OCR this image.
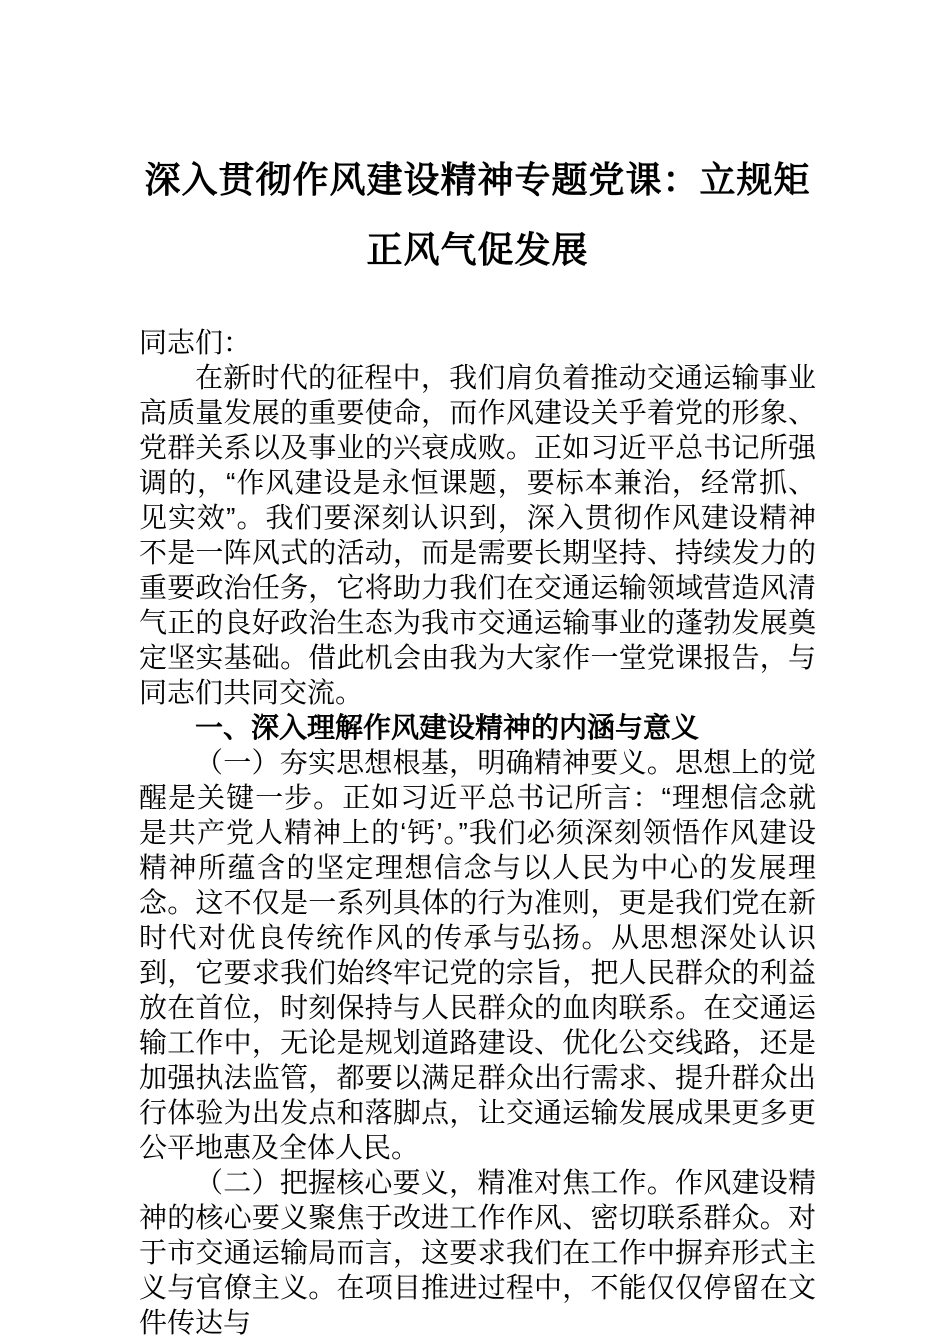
深入贯彻作风建设精神专题党课：立规矩正风气促发展

同志们：

在新时代的征程中，我们肩负着推动交通运输事业高质量发展的重要使命，而作风建设关乎着党的形象、党群关系以及事业的兴衰成败。正如习近平总书记所强调的，“作风建设是永恒课题，要标本兼治，经常抓、见实效”。我们要深刻认识到，深入贯彻作风建设精神不是一阵风式的活动，而是需要长期坚持、持续发力的重要政治任务，它将助力我们在交通运输领域营造风清气正的良好政治生态为我市交通运输事业的蓬勃发展奠定坚实基础。借此机会由我为大家作一堂党课报告，与同志们共同交流。

一、深入理解作风建设精神的内涵与意义

（一）夯实思想根基，明确精神要义。思想上的觉醒是关键一步。正如习近平总书记所言：“理想信念就是共产党人精神上的‘钙’。”我们必须深刻领悟作风建设精神所蕴含的坚定理想信念与以人民为中心的发展理念。这不仅是一系列具体的行为准则，更是我们党在新时代对优良传统作风的传承与弘扬。从思想深处认识到，它要求我们始终牢记党的宗旨，把人民群众的利益放在首位，时刻保持与人民群众的血肉联系。在交通运输工作中，无论是规划道路建设、优化公交线路，还是加强执法监管，都要以满足群众出行需求、提升群众出行体验为出发点和落脚点，让交通运输发展成果更多更公平地惠及全体人民。

（二）把握核心要义，精准对焦工作。作风建设精神的核心要义聚焦于改进工作作风、密切联系群众。对于市交通运输局而言，这要求我们在工作中摒弃形式主义与官僚主义。在项目推进过程中，不能仅仅停留在文件传达与
